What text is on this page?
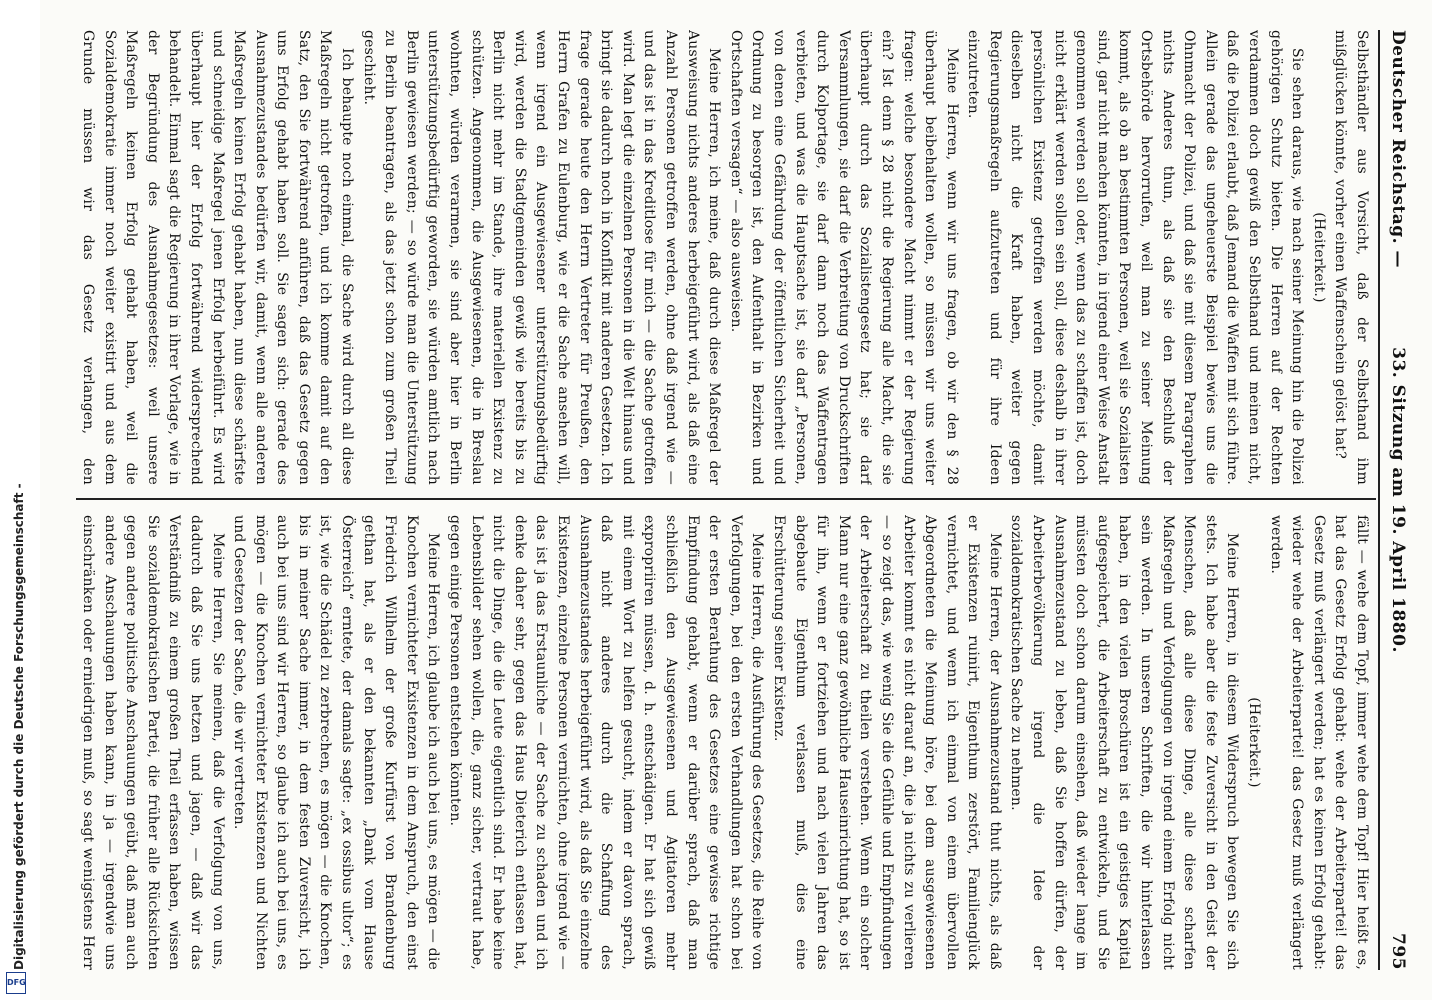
Digitalisierung gefördert durch die Deutsche Forschungsgemeinschaft -
DFG
Deutscher Reichstag. —
33. Sitzung am 19. April 1880.
795

Selbsthändler aus Vorsicht, daß der Selbsthand ihm mißglücken könnte, vorher einen Waffenschein gelöst hat?

(Heiterkeit.)

Sie sehen daraus, wie nach seiner Meinung hin die Polizei gehörigen Schutz bieten. Die Herren auf der Rechten verdammen doch gewiß den Selbsthand und meinen nicht, daß die Polizei erlaubt, daß Jemand die Waffen mit sich führe. Allein gerade das ungeheuerste Beispiel bewies uns die Ohnmacht der Polizei, und daß sie mit diesem Paragraphen nichts Anderes thun, als daß sie den Beschluß der Ortsbehörde hervorrufen, weil man zu seiner Meinung kommt, als ob an bestimmten Personen, weil sie Sozialisten sind, gar nicht machen könnten, in irgend einer Weise Anstalt genommen werden soll oder, wenn das zu schaffen ist, doch nicht erklärt werden sollen sein soll, diese deshalb in ihrer persönlichen Existenz getroffen werden möchte, damit dieselben nicht die Kraft haben, weiter gegen Regierungsmaßregeln aufzutreten und für ihre Ideen einzutreten.

Meine Herren, wenn wir uns fragen, ob wir den § 28 überhaupt beibehalten wollen, so müssen wir uns weiter fragen: welche besondere Macht nimmt er der Regierung ein? Ist denn § 28 nicht die Regierung alle Macht, die sie überhaupt durch das Sozialistengesetz hat; sie darf Versammlungen, sie darf die Verbreitung von Druckschriften durch Kolportage, sie darf dann noch das Waffentragen verbieten, und was die Hauptsache ist, sie darf „Personen, von denen eine Gefährdung der öffentlichen Sicherheit und Ordnung zu besorgen ist, den Aufenthalt in Bezirken und Ortschaften versagen“ — also ausweisen.

Meine Herren, ich meine, daß durch diese Maßregel der Ausweisung nichts anderes herbeigeführt wird, als daß eine Anzahl Personen getroffen werden, ohne daß irgend wie — und das ist in das Kreditlose für mich — die Sache getroffen wird. Man legt die einzelnen Personen in die Welt hinaus und bringt sie dadurch noch in Konflikt mit anderen Gesetzen. Ich frage gerade heute den Herrn Vertreter für Preußen, den Herrn Grafen zu Eulenburg, wie er die Sache ansehen will, wenn irgend ein Ausgewiesener unterstützungsbedürftig wird, werden die Stadtgemeinden gewiß wie bereits bis zu Berlin nicht mehr im Stande, ihre materiellen Existenz zu schützen. Angenommen, die Ausgewiesenen, die in Breslau wohnten, würden verarmen, sie sind aber hier in Berlin unterstützungsbedürftig geworden, sie würden amtlich nach Berlin gewiesen werden; — so würde man die Unterstützung zu Berlin beantragen, als das jetzt schon zum großen Theil geschieht.

Ich behaupte noch einmal, die Sache wird durch all diese Maßregeln nicht getroffen, und ich komme damit auf den Satz, den Sie fortwährend anführen, daß das Gesetz gegen uns Erfolg gehabt haben soll. Sie sagen sich: gerade des Ausnahmezustandes bedürfen wir, damit, wenn alle anderen Maßregeln keinen Erfolg gehabt haben, nun diese schärfste und schneidige Maßregel jenen Erfolg herbeiführt. Es wird überhaupt hier der Erfolg fortwährend widersprechend behandelt. Einmal sagt die Regierung in ihrer Vorlage, wie in der Begründung des Ausnahmegesetzes: weil unsere Maßregeln keinen Erfolg gehabt haben, weil die Sozialdemokratie immer noch weiter existirt und aus dem Grunde müssen wir das Gesetz verlangen, den

fällt — wehe dem Topf, immer wehe dem Topf! Hier heißt es, hat das Gesetz Erfolg gehabt: wehe der Arbeiterpartei! das Gesetz muß verlängert werden; hat es keinen Erfolg gehabt: wieder wehe der Arbeiterpartei! das Gesetz muß verlängert werden.

(Heiterkeit.)

Meine Herren, in diesem Widerspruch bewegen Sie sich stets. Ich habe aber die feste Zuversicht in den Geist der Menschen, daß alle diese Dinge, alle diese scharfen Maßregeln und Verfolgungen von irgend einem Erfolg nicht sein werden. In unseren Schriften, die wir hinterlassen haben, in den vielen Broschüren ist ein geistiges Kapital aufgespeichert, die Arbeiterschaft zu entwickeln, und Sie müssten doch schon darum einsehen, daß wieder lange im Ausnahmezustand zu leben, daß Sie hoffen dürfen, der Arbeiterbevölkerung irgend die Idee der sozialdemokratischen Sache zu nehmen.

Meine Herren, der Ausnahmezustand thut nichts, als daß er Existenzen ruinirt, Eigenthum zerstört, Familienglück vernichtet, und wenn ich einmal von einem übervollen Abgeordneten die Meinung höre, bei dem ausgewiesenen Arbeiter kommt es nicht darauf an, die ja nichts zu verlieren — so zeigt das, wie wenig Sie die Gefühle und Empfindungen der Arbeiterschaft zu theilen verstehen. Wenn ein solcher Mann nur eine ganz gewöhnliche Hauseinrichtung hat, so ist für ihn, wenn er fortziehen und nach vielen Jahren das abgebaute Eigenthum verlassen muß, dies eine Erschütterung seiner Existenz.

Meine Herren, die Ausführung des Gesetzes, die Reihe von Verfolgungen, bei den ersten Verhandlungen hat schon bei der ersten Berathung des Gesetzes eine gewisse richtige Empfindung gehabt, wenn er darüber sprach, daß man schließlich den Ausgewiesenen und Agitatoren mehr expropriiren müssen, d. h. entschädigen. Er hat sich gewiß mit einem Wort zu helfen gesucht, indem er davon sprach, daß nicht anderes durch die Schaffung des Ausnahmezustandes herbeigeführt wird, als daß Sie einzelne Existenzen, einzelne Personen vernichten, ohne irgend wie — das ist ja das Erstaunliche — der Sache zu schaden und ich denke daher sehr, gegen das Haus Dieterich entlassen hat, nicht die Dinge, die die Leute eigentlich sind. Er habe keine Lebensbilder sehen wollen, die, ganz sicher, vertraut habe, gegen einige Personen entstehen könnten.

Meine Herren, ich glaube ich auch bei uns, es mögen — die Knochen vernichteter Existenzen in dem Anspruch, den einst Friedrich Wilhelm der große Kurfürst von Brandenburg gethan hat, als er den bekannten „Dank vom Hause Österreich“ erntete, der damals sagte: „ex ossibus ultor“; es ist, wie die Schädel zu zerbrechen, es mögen — die Knochen, bis in meiner Sache immer, in dem festen Zuversicht, ich auch bei uns sind wir Herren, so glaube ich auch bei uns, es mögen — die Knochen vernichteter Existenzen und Nichten und Gesetzen der Sache, die wir vertreten.

Meine Herren, Sie meinen, daß die Verfolgung von uns, dadurch daß Sie uns hetzen und jagen, — daß wir das Verständniß zu einem großen Theil erfassen haben, wissen Sie sozialdemokratischen Partei, die früher alle Rücksichten gegen andere politische Anschauungen geübt, daß man auch andere Anschauungen haben kann, in ja — irgendwie uns einschränken oder erniedrigen muß, so sagt wenigstens Herr
